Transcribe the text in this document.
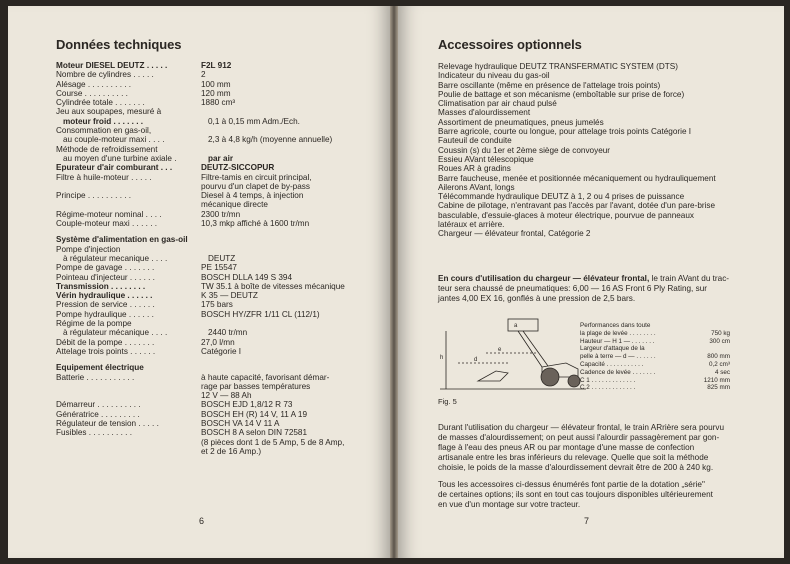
Données techniques
Moteur DIESEL DEUTZ . . . . .	F2L 912
Nombre de cylindres . . . . .	2
Alésage . . . . . . . . . .	100 mm
Course . . . . . . . . . .	120 mm
Cylindrée totale . . . . . . .	1880 cm³
Jeu aux soupapes, mesuré à
moteur froid . . . . . . .	0,1 à 0,15 mm Adm./Ech.
Consommation en gas-oil,
au couple-moteur maxi . . . .	2,3 à 4,8 kg/h (moyenne annuelle)
Méthode de refroidissement
au moyen d'une turbine axiale .	par air
Epurateur d'air comburant . . .	DEUTZ-SICCOPUR
Filtre à huile-moteur . . . . .	Filtre-tamis en circuit principal,
pourvu d'un clapet de by-pass
Principe . . . . . . . . . .	Diesel à 4 temps, à injection
mécanique directe
Régime-moteur nominal . . . .	2300 tr/mn
Couple-moteur maxi . . . . . .	10,3 mkp affiché à 1600 tr/mn
Système d'alimentation en gas-oil
Pompe d'injection
à régulateur mecanique . . . .	DEUTZ
Pompe de gavage . . . . . . .	PE 15547
Pointeau d'injecteur . . . . . .	BOSCH DLLA 149 S 394
Transmission . . . . . . . .	TW 35.1 à boîte de vitesses mécanique
Vérin hydraulique . . . . . .	K 35 — DEUTZ
Pression de service . . . . . .	175 bars
Pompe hydraulique . . . . . .	BOSCH HY/ZFR 1/11 CL (112/1)
Régime de la pompe
à régulateur mécanique . . . .	2440 tr/mn
Débit de la pompe . . . . . . .	27,0 l/mn
Attelage trois points . . . . . .	Catégorie I
Equipement électrique
Batterie . . . . . . . . . . .	à haute capacité, favorisant démar-
rage par basses températures
12 V — 88 Ah
Démarreur . . . . . . . . . .	BOSCH EJD 1,8/12 R 73
Génératrice . . . . . . . . .	BOSCH EH (R) 14 V, 11 A 19
Régulateur de tension . . . . .	BOSCH VA 14 V 11 A
Fusibles . . . . . . . . . .	BOSCH 8 A selon DIN 72581
(8 pièces dont 1 de 5 Amp, 5 de 8 Amp,
et 2 de 16 Amp.)
6
Accessoires optionnels
Relevage hydraulique DEUTZ TRANSFERMATIC SYSTEM (DTS)
Indicateur du niveau du gas-oil
Barre oscillante (même en présence de l'attelage trois points)
Poulie de battage et son mécanisme (emboîtable sur prise de force)
Climatisation par air chaud pulsé
Masses d'alourdissement
Assortiment de pneumatiques, pneus jumelés
Barre agricole, courte ou longue, pour attelage trois points Catégorie I
Fauteuil de conduite
Coussin (s) du 1er et 2ème siège de convoyeur
Essieu AVant télescopique
Roues AR à gradins
Barre faucheuse, menée et positionnée mécaniquement ou hydrauliquement
Ailerons AVant, longs
Télécommande hydraulique DEUTZ à 1, 2 ou 4 prises de puissance
Cabine de pilotage, n'entravant pas l'accès par l'avant, dotée d'un pare-brise
basculable, d'essuie-glaces à moteur électrique, pourvue de panneaux
latéraux et arrière.
Chargeur — élévateur frontal, Catégorie 2
En cours d'utilisation du chargeur — élévateur frontal, le train AVant du trac-
teur sera chaussé de pneumatiques: 6,00 — 16 AS Front 6 Ply Rating, sur
jantes 4,00 EX 16, gonflés à une pression de 2,5 bars.
h
a
d
e
Fig. 5
Performances dans toute
la plage de levée . . . . . . . .	750 kg
Hauteur — H 1 — . . . . . . .	300 cm
Largeur d'attaque de la
pelle à terre — d — . . . . . .	800 mm
Capacité . . . . . . . . . . .	0,2 cm³
Cadence de levée . . . . . . .	4 sec
C 1 . . . . . . . . . . . . .	1210 mm
C 2 . . . . . . . . . . . . .	825 mm
Durant l'utilisation du chargeur — élévateur frontal, le train ARrière sera pourvu
de masses d'alourdissement; on peut aussi l'alourdir passagèrement par gon-
flage à l'eau des pneus AR ou par montage d'une masse de confection
artisanale entre les bras inférieurs du relevage. Quelle que soit la méthode
choisie, le poids de la masse d'alourdissement devrait être de 200 à 240 kg.
Tous les accessoires ci-dessus énumérés font partie de la dotation „série"
de certaines options; ils sont en tout cas toujours disponibles ultérieurement
en vue d'un montage sur votre tracteur.
7
